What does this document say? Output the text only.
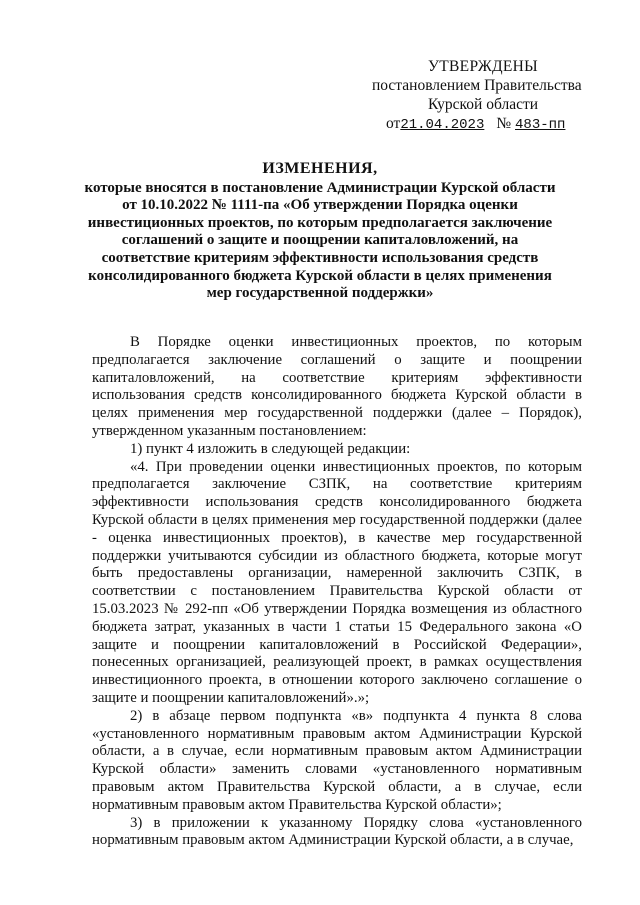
УТВЕРЖДЕНЫ
постановлением Правительства
Курской области
от21.04.2023 № 483-пп
ИЗМЕНЕНИЯ,
которые вносятся в постановление Администрации Курской области от 10.10.2022 № 1111-па «Об утверждении Порядка оценки инвестиционных проектов, по которым предполагается заключение соглашений о защите и поощрении капиталовложений, на соответствие критериям эффективности использования средств консолидированного бюджета Курской области в целях применения мер государственной поддержки»

В Порядке оценки инвестиционных проектов, по которым предполагается заключение соглашений о защите и поощрении капиталовложений, на соответствие критериям эффективности использования средств консолидированного бюджета Курской области в целях применения мер государственной поддержки (далее – Порядок), утвержденном указанным постановлением:

1) пункт 4 изложить в следующей редакции:

«4. При проведении оценки инвестиционных проектов, по которым предполагается заключение СЗПК, на соответствие критериям эффективности использования средств консолидированного бюджета Курской области в целях применения мер государственной поддержки (далее - оценка инвестиционных проектов), в качестве мер государственной поддержки учитываются субсидии из областного бюджета, которые могут быть предоставлены организации, намеренной заключить СЗПК, в соответствии с постановлением Правительства Курской области от 15.03.2023 № 292-пп «Об утверждении Порядка возмещения из областного бюджета затрат, указанных в части 1 статьи 15 Федерального закона «О защите и поощрении капиталовложений в Российской Федерации», понесенных организацией, реализующей проект, в рамках осуществления инвестиционного проекта, в отношении которого заключено соглашение о защите и поощрении капиталовложений».»;

2) в абзаце первом подпункта «в» подпункта 4 пункта 8 слова «установленного нормативным правовым актом Администрации Курской области, а в случае, если нормативным правовым актом Администрации Курской области» заменить словами «установленного нормативным правовым актом Правительства Курской области, а в случае, если нормативным правовым актом Правительства Курской области»;

3) в приложении к указанному Порядку слова «установленного нормативным правовым актом Администрации Курской области, а в случае,
